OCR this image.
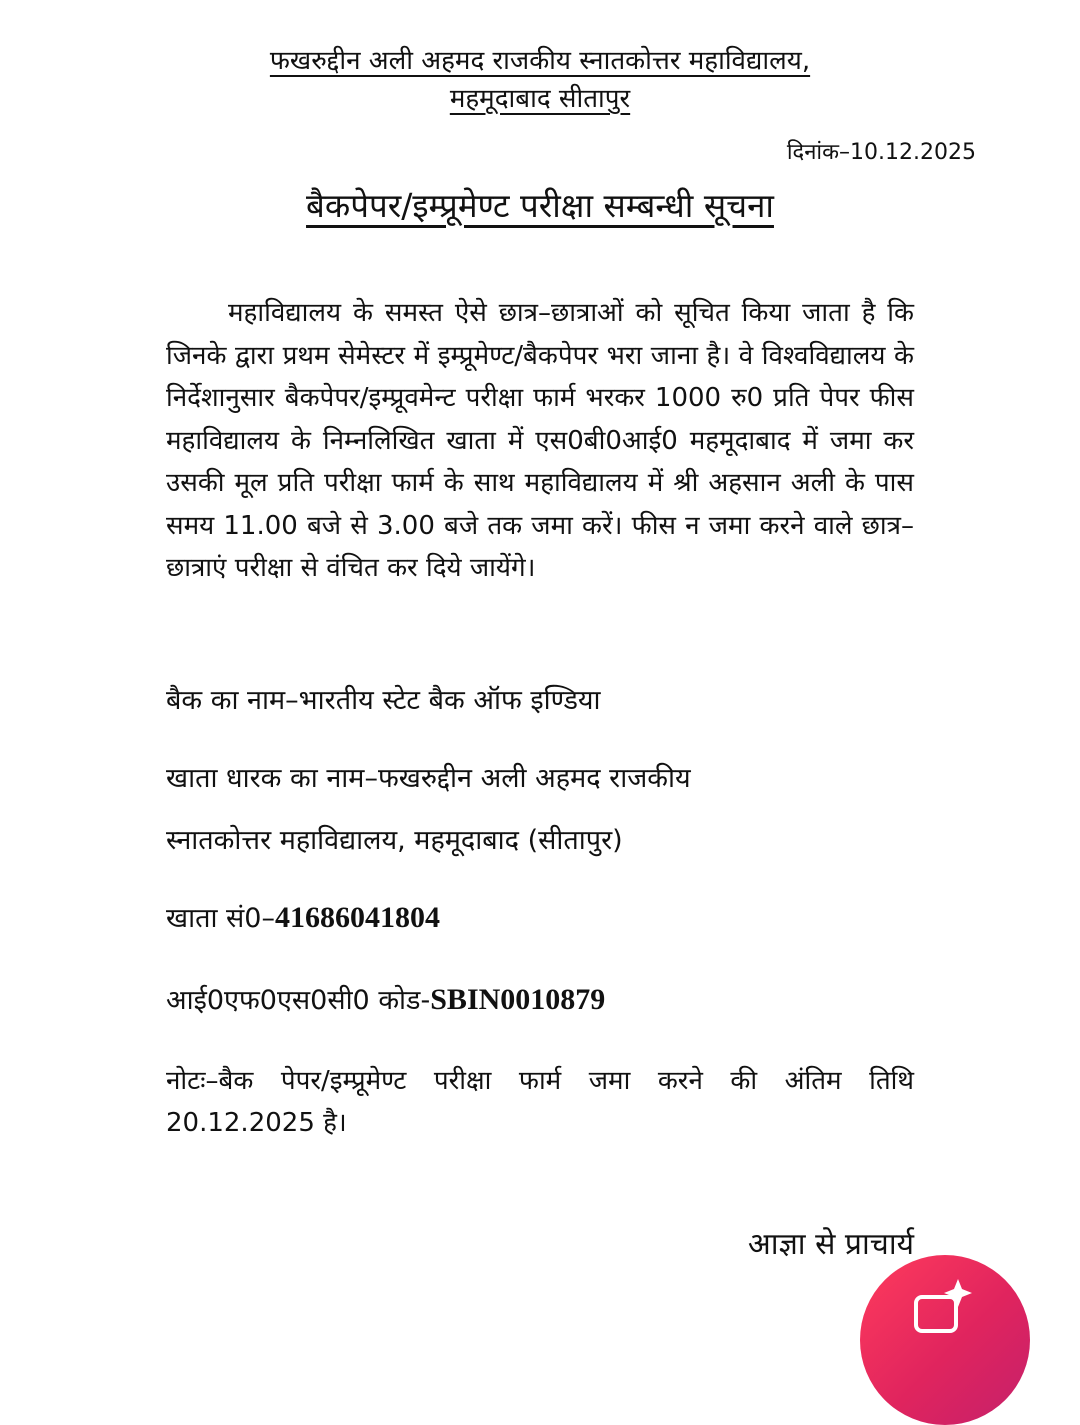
फखरुद्दीन अली अहमद राजकीय स्नातकोत्तर महाविद्यालय,
महमूदाबाद सीतापुर
दिनांक–10.12.2025
बैकपेपर/इम्प्रूमेण्ट परीक्षा सम्बन्धी सूचना
महाविद्यालय के समस्त ऐसे छात्र–छात्राओं को सूचित किया जाता है कि जिनके द्वारा प्रथम सेमेस्टर में इम्प्रूमेण्ट/बैकपेपर भरा जाना है। वे विश्वविद्यालय के निर्देशानुसार बैकपेपर/इम्प्रूवमेन्ट परीक्षा फार्म भरकर 1000 रु0 प्रति पेपर फीस महाविद्यालय के निम्नलिखित खाता में एस0बी0आई0 महमूदाबाद में जमा कर उसकी मूल प्रति परीक्षा फार्म के साथ महाविद्यालय में श्री अहसान अली के पास समय 11.00 बजे से 3.00 बजे तक जमा करें। फीस न जमा करने वाले छात्र–छात्राएं परीक्षा से वंचित कर दिये जायेंगे।
बैक का नाम–भारतीय स्टेट बैक ऑफ इण्डिया
खाता धारक का नाम–फखरुद्दीन अली अहमद राजकीय
स्नातकोत्तर महाविद्यालय, महमूदाबाद (सीतापुर)
खाता सं0–41686041804
आई0एफ0एस0सी0 कोड-SBIN0010879
नोटः–बैक पेपर/इम्प्रूमेण्ट परीक्षा फार्म जमा करने की अंतिम तिथि 20.12.2025 है।
आज्ञा से प्राचार्य
